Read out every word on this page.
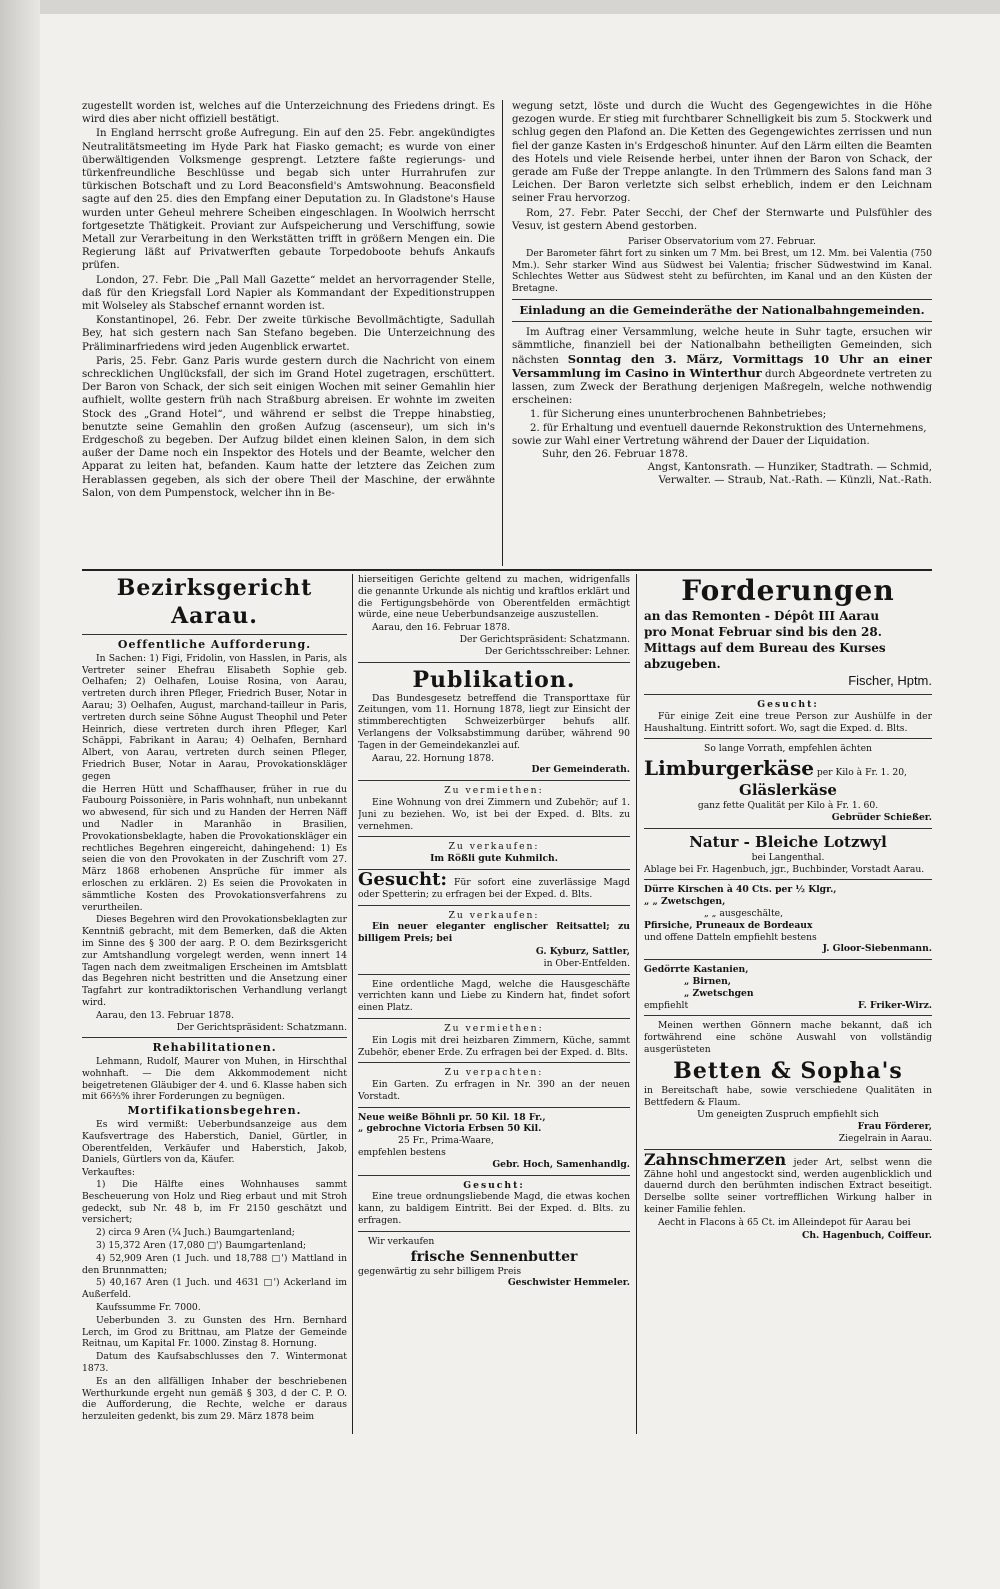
zugestellt worden ist, welches auf die Unterzeichnung des Friedens dringt. Es wird dies aber nicht offiziell bestätigt.

In England herrscht große Aufregung. Ein auf den 25. Febr. angekündigtes Neutralitätsmeeting im Hyde Park hat Fiasko gemacht; es wurde von einer überwältigenden Volksmenge gesprengt. Letztere faßte regierungs- und türkenfreundliche Beschlüsse und begab sich unter Hurrahrufen zur türkischen Botschaft und zu Lord Beaconsfield's Amtswohnung. Beaconsfield sagte auf den 25. dies den Empfang einer Deputation zu. In Gladstone's Hause wurden unter Geheul mehrere Scheiben eingeschlagen. In Woolwich herrscht fortgesetzte Thätigkeit. Proviant zur Aufspeicherung und Verschiffung, sowie Metall zur Verarbeitung in den Werkstätten trifft in größern Mengen ein. Die Regierung läßt auf Privatwerften gebaute Torpedoboote behufs Ankaufs prüfen.

London, 27. Febr. Die „Pall Mall Gazette“ meldet an hervorragender Stelle, daß für den Kriegsfall Lord Napier als Kommandant der Expeditionstruppen mit Wolseley als Stabschef ernannt worden ist.

Konstantinopel, 26. Febr. Der zweite türkische Bevollmächtigte, Sadullah Bey, hat sich gestern nach San Stefano begeben. Die Unterzeichnung des Präliminarfriedens wird jeden Augenblick erwartet.

Paris, 25. Febr. Ganz Paris wurde gestern durch die Nachricht von einem schrecklichen Unglücksfall, der sich im Grand Hotel zugetragen, erschüttert. Der Baron von Schack, der sich seit einigen Wochen mit seiner Gemahlin hier aufhielt, wollte gestern früh nach Straßburg abreisen. Er wohnte im zweiten Stock des „Grand Hotel“, und während er selbst die Treppe hinabstieg, benutzte seine Gemahlin den großen Aufzug (ascenseur), um sich in's Erdgeschoß zu begeben. Der Aufzug bildet einen kleinen Salon, in dem sich außer der Dame noch ein Inspektor des Hotels und der Beamte, welcher den Apparat zu leiten hat, befanden. Kaum hatte der letztere das Zeichen zum Herablassen gegeben, als sich der obere Theil der Maschine, der erwähnte Salon, von dem Pumpenstock, welcher ihn in Be-

wegung setzt, löste und durch die Wucht des Gegengewichtes in die Höhe gezogen wurde. Er stieg mit furchtbarer Schnelligkeit bis zum 5. Stockwerk und schlug gegen den Plafond an. Die Ketten des Gegengewichtes zerrissen und nun fiel der ganze Kasten in's Erdgeschoß hinunter. Auf den Lärm eilten die Beamten des Hotels und viele Reisende herbei, unter ihnen der Baron von Schack, der gerade am Fuße der Treppe anlangte. In den Trümmern des Salons fand man 3 Leichen. Der Baron verletzte sich selbst erheblich, indem er den Leichnam seiner Frau hervorzog.

Rom, 27. Febr. Pater Secchi, der Chef der Sternwarte und Pulsfühler des Vesuv, ist gestern Abend gestorben.

Pariser Observatorium vom 27. Februar.
Der Barometer fährt fort zu sinken um 7 Mm. bei Brest, um 12. Mm. bei Valentia (750 Mm.). Sehr starker Wind aus Südwest bei Valentia; frischer Südwestwind im Kanal. Schlechtes Wetter aus Südwest steht zu befürchten, im Kanal und an den Küsten der Bretagne.
Einladung an die Gemeinderäthe der Nationalbahngemeinden.

Im Auftrag einer Versammlung, welche heute in Suhr tagte, ersuchen wir sämmtliche, finanziell bei der Nationalbahn betheiligten Gemeinden, sich nächsten Sonntag den 3. März, Vormittags 10 Uhr an einer Versammlung im Casino in Winterthur durch Abgeordnete vertreten zu lassen, zum Zweck der Berathung derjenigen Maßregeln, welche nothwendig erscheinen:

1. für Sicherung eines ununterbrochenen Bahnbetriebes;
2. für Erhaltung und eventuell dauernde Rekonstruktion des Unternehmens,
sowie zur Wahl einer Vertretung während der Dauer der Liquidation.
Suhr, den 26. Februar 1878.
Angst, Kantonsrath. — Hunziker, Stadtrath. — Schmid,
Verwalter. — Straub, Nat.-Rath. — Künzli, Nat.-Rath.
Bezirksgericht Aarau.
Oeffentliche Aufforderung.

In Sachen: 1) Figi, Fridolin, von Hasslen, in Paris, als Vertreter seiner Ehefrau Elisabeth Sophie geb. Oelhafen; 2) Oelhafen, Louise Rosina, von Aarau, vertreten durch ihren Pfleger, Friedrich Buser, Notar in Aarau; 3) Oelhafen, August, marchand-tailleur in Paris, vertreten durch seine Söhne August Theophil und Peter Heinrich, diese vertreten durch ihren Pfleger, Karl Schäppi, Fabrikant in Aarau; 4) Oelhafen, Bernhard Albert, von Aarau, vertreten durch seinen Pfleger, Friedrich Buser, Notar in Aarau, Provokationskläger gegen

die Herren Hütt und Schaffhauser, früher in rue du Faubourg Poissonière, in Paris wohnhaft, nun unbekannt wo abwesend, für sich und zu Handen der Herren Näff und Nadler in Maranhão in Brasilien, Provokationsbeklagte, haben die Provokationskläger ein rechtliches Begehren eingereicht, dahingehend: 1) Es seien die von den Provokaten in der Zuschrift vom 27. März 1868 erhobenen Ansprüche für immer als erloschen zu erklären. 2) Es seien die Provokaten in sämmtliche Kosten des Provokationsverfahrens zu verurtheilen.

Dieses Begehren wird den Provokationsbeklagten zur Kenntniß gebracht, mit dem Bemerken, daß die Akten im Sinne des § 300 der aarg. P. O. dem Bezirksgericht zur Amtshandlung vorgelegt werden, wenn innert 14 Tagen nach dem zweitmaligen Erscheinen im Amtsblatt das Begehren nicht bestritten und die Ansetzung einer Tagfahrt zur kontradiktorischen Verhandlung verlangt wird.

Aarau, den 13. Februar 1878.
Der Gerichtspräsident: Schatzmann.
Rehabilitationen.

Lehmann, Rudolf, Maurer von Muhen, in Hirschthal wohnhaft. — Die dem Akkommodement nicht beigetretenen Gläubiger der 4. und 6. Klasse haben sich mit 66⅔% ihrer Forderungen zu begnügen.

Mortifikationsbegehren.

Es wird vermißt: Ueberbundsanzeige aus dem Kaufsvertrage des Haberstich, Daniel, Gürtler, in Oberentfelden, Verkäufer und Haberstich, Jakob, Daniels, Gürtlers von da, Käufer.

Verkauftes:

1) Die Hälfte eines Wohnhauses sammt Bescheuerung von Holz und Rieg erbaut und mit Stroh gedeckt, sub Nr. 48 b, im Fr 2150 geschätzt und versichert;

2) circa 9 Aren (¼ Juch.) Baumgartenland;

3) 15,372 Aren (17,080 □') Baumgartenland;

4) 52,909 Aren (1 Juch. und 18,788 □') Mattland in den Brunnmatten;

5) 40,167 Aren (1 Juch. und 4631 □') Ackerland im Außerfeld.

Kaufssumme Fr. 7000.

Ueberbunden 3. zu Gunsten des Hrn. Bernhard Lerch, im Grod zu Brittnau, am Platze der Gemeinde Reitnau, um Kapital Fr. 1000. Zinstag 8. Hornung.

Datum des Kaufsabschlusses den 7. Wintermonat 1873.

Es an den allfälligen Inhaber der beschriebenen Werthurkunde ergeht nun gemäß § 303, d der C. P. O. die Aufforderung, die Rechte, welche er daraus herzuleiten gedenkt, bis zum 29. März 1878 beim

hierseitigen Gerichte geltend zu machen, widrigenfalls die genannte Urkunde als nichtig und kraftlos erklärt und die Fertigungsbehörde von Oberentfelden ermächtigt würde, eine neue Ueberbundsanzeige auszustellen.

Aarau, den 16. Februar 1878.
Der Gerichtspräsident: Schatzmann.
Der Gerichtsschreiber: Lehner.
Publikation.

Das Bundesgesetz betreffend die Transporttaxe für Zeitungen, vom 11. Hornung 1878, liegt zur Einsicht der stimmberechtigten Schweizerbürger behufs allf. Verlangens der Volksabstimmung darüber, während 90 Tagen in der Gemeindekanzlei auf.

Aarau, 22. Hornung 1878.
Der Gemeinderath.
Zu vermiethen:

Eine Wohnung von drei Zimmern und Zubehör; auf 1. Juni zu beziehen. Wo, ist bei der Exped. d. Blts. zu vernehmen.

Zu verkaufen:
Im Rößli gute Kuhmilch.
Gesucht: Für sofort eine zuverlässige Magd oder Spetterin; zu erfragen bei der Exped. d. Blts.
Zu verkaufen:

Ein neuer eleganter englischer Reitsattel; zu billigem Preis; bei

G. Kyburz, Sattler,
in Ober-Entfelden.

Eine ordentliche Magd, welche die Hausgeschäfte verrichten kann und Liebe zu Kindern hat, findet sofort einen Platz.

Zu vermiethen:

Ein Logis mit drei heizbaren Zimmern, Küche, sammt Zubehör, ebener Erde. Zu erfragen bei der Exped. d. Blts.

Zu verpachten:

Ein Garten. Zu erfragen in Nr. 390 an der neuen Vorstadt.

Neue weiße Böhnli pr. 50 Kil. 18 Fr.,
„ gebrochne Victoria Erbsen 50 Kil.
25 Fr., Prima-Waare,
empfehlen bestens
Gebr. Hoch, Samenhandlg.
Gesucht:

Eine treue ordnungsliebende Magd, die etwas kochen kann, zu baldigem Eintritt. Bei der Exped. d. Blts. zu erfragen.

Wir verkaufen
frische Sennenbutter
gegenwärtig zu sehr billigem Preis
Geschwister Hemmeler.
Forderungen
an das Remonten - Dépôt III Aarau
pro Monat Februar sind bis den 28.
Mittags auf dem Bureau des Kurses
abzugeben.
Fischer, Hptm.
Gesucht:

Für einige Zeit eine treue Person zur Aushülfe in der Haushaltung. Eintritt sofort. Wo, sagt die Exped. d. Blts.

So lange Vorrath, empfehlen ächten
Limburgerkäse per Kilo à Fr. 1. 20,
Gläslerkäse
ganz fette Qualität per Kilo à Fr. 1. 60.
Gebrüder Schießer.
Natur - Bleiche Lotzwyl
bei Langenthal.

Ablage bei Fr. Hagenbuch, jgr., Buchbinder, Vorstadt Aarau.

Dürre Kirschen à 40 Cts. per ½ Klgr.,
„ „ Zwetschgen,
„ „ ausgeschälte,
Pfirsiche, Pruneaux de Bordeaux
und offene Datteln empfiehlt bestens
J. Gloor-Siebenmann.
Gedörrte Kastanien,
„ Birnen,
„ Zwetschgen
empfiehlt	F. Friker-Wirz.

Meinen werthen Gönnern mache bekannt, daß ich fortwährend eine schöne Auswahl von vollständig ausgerüsteten

Betten & Sopha's

in Bereitschaft habe, sowie verschiedene Qualitäten in Bettfedern & Flaum.

Um geneigten Zuspruch empfiehlt sich
Frau Förderer,
Ziegelrain in Aarau.

Zahnschmerzen jeder Art, selbst wenn die Zähne hohl und angestockt sind, werden augenblicklich und dauernd durch den berühmten indischen Extract beseitigt. Derselbe sollte seiner vortrefflichen Wirkung halber in keiner Familie fehlen.

Aecht in Flacons à 65 Ct. im Alleindepot für Aarau bei

Ch. Hagenbuch, Coiffeur.
